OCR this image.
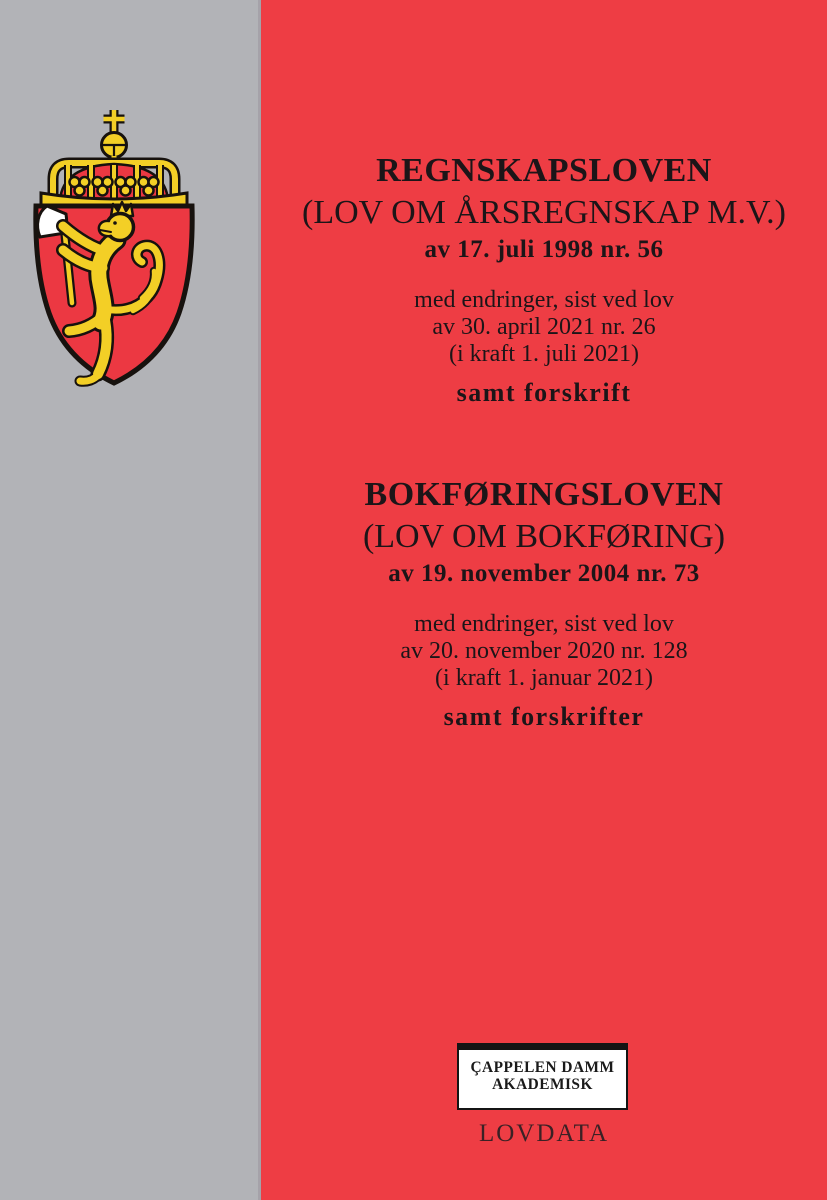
REGNSKAPSLOVEN
(LOV OM ÅRSREGNSKAP M.V.)
av 17. juli 1998 nr. 56

med endringer, sist ved lov

av 30. april 2021 nr. 26

(i kraft 1. juli 2021)

samt forskrift
BOKFØRINGSLOVEN
(LOV OM BOKFØRING)
av 19. november 2004 nr. 73

med endringer, sist ved lov

av 20. november 2020 nr. 128

(i kraft 1. januar 2021)

samt forskrifter
ÇAPPELEN DAMM
AKADEMISK
LOVDATA
